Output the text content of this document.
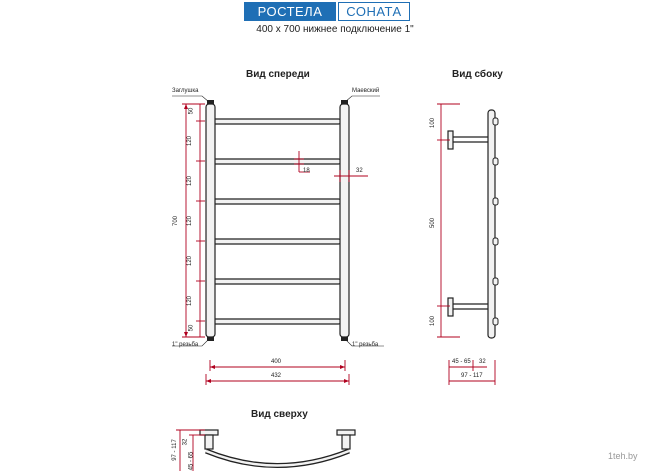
РОСТЕЛА	СОНАТА
400 x 700 нижнее подключение 1"
Вид спереди	Вид сбоку
Вид сверху
Заглушка	Маевский
1" резьба	1" резьба
700
50
120
120
120
120
120
50
18	32
400
432
100
500
100
45 - 65 32
97 - 117
97 - 117 32
45 - 65	1teh.by
